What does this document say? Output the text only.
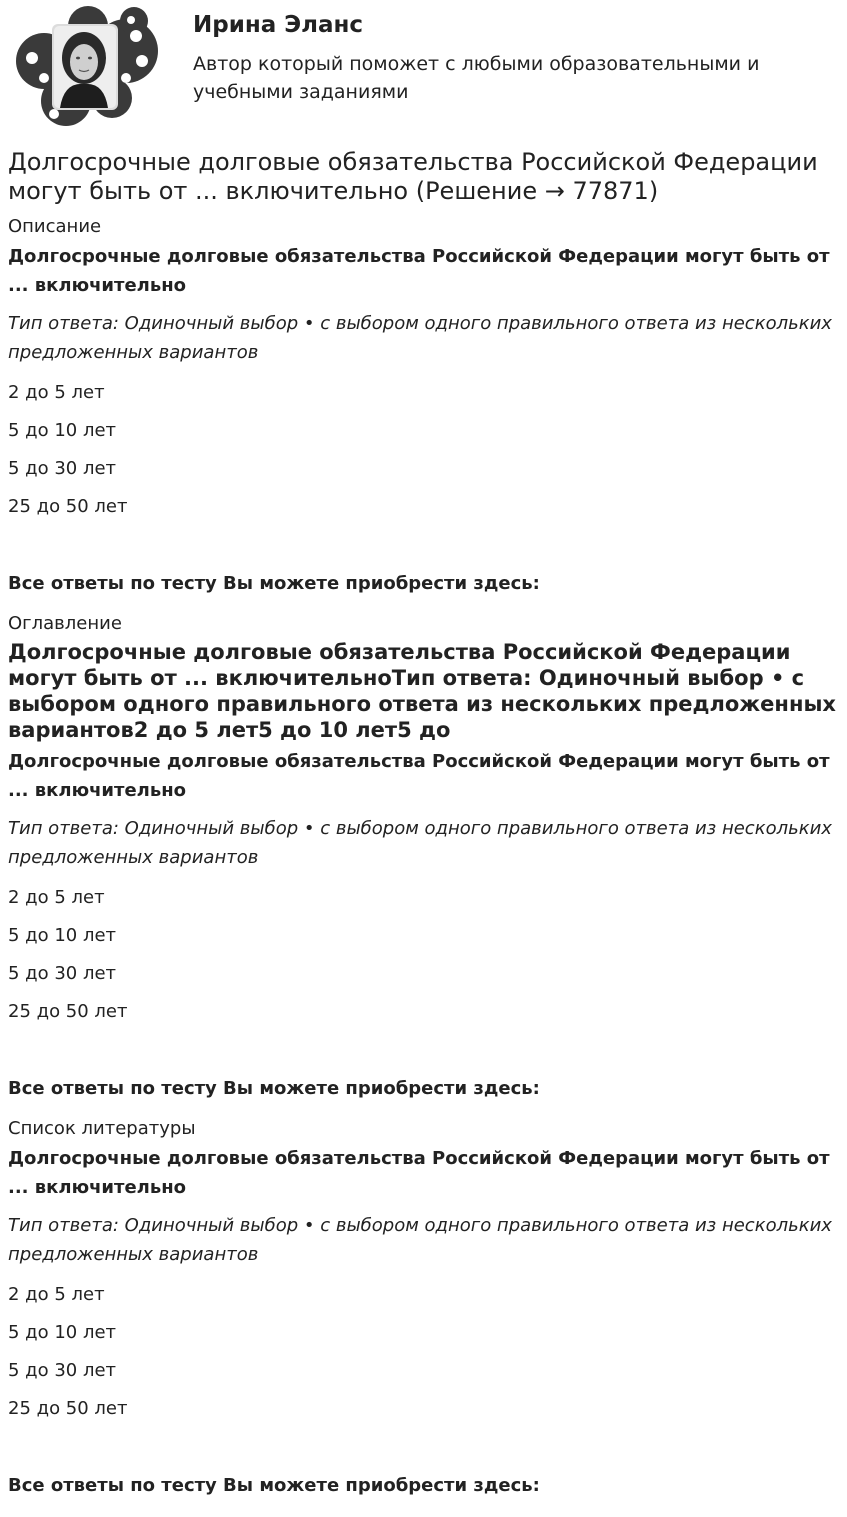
Ирина Эланс
Автор который поможет с любыми образовательными и учебными заданиями
Долгосрочные долговые обязательства Российской Федерации могут быть от ... включительно (Решение → 77871)
Описание
Долгосрочные долговые обязательства Российской Федерации могут быть от ... включительно
Тип ответа: Одиночный выбор • с выбором одного правильного ответа из нескольких предложенных вариантов
2 до 5 лет
5 до 10 лет
5 до 30 лет
25 до 50 лет
Все ответы по тесту Вы можете приобрести здесь:
Оглавление
Долгосрочные долговые обязательства Российской Федерации могут быть от ... включительноТип ответа: Одиночный выбор • с выбором одного правильного ответа из нескольких предложенных вариантов2 до 5 лет5 до 10 лет5 до
Долгосрочные долговые обязательства Российской Федерации могут быть от ... включительно
Тип ответа: Одиночный выбор • с выбором одного правильного ответа из нескольких предложенных вариантов
2 до 5 лет
5 до 10 лет
5 до 30 лет
25 до 50 лет
Все ответы по тесту Вы можете приобрести здесь:
Список литературы
Долгосрочные долговые обязательства Российской Федерации могут быть от ... включительно
Тип ответа: Одиночный выбор • с выбором одного правильного ответа из нескольких предложенных вариантов
2 до 5 лет
5 до 10 лет
5 до 30 лет
25 до 50 лет
Все ответы по тесту Вы можете приобрести здесь:
